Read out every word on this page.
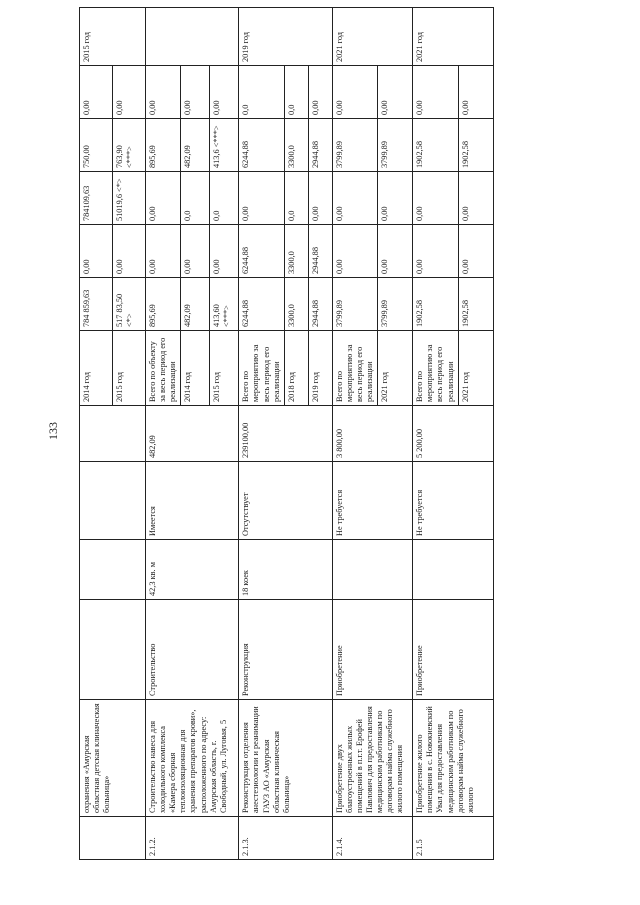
133
	охранения «Амурская областная детская клиначеская больница»					2014 год	784 859,63	0,00	784109,63	750,00	0,00	2015 год
						2015 год	517 83,50 <*>	0,00	51019,6 <*>	763,90 <***>	0,00	
2.1.2.	Строительство навеса для холодильного комплекса «Камера сборная теплоизоляционная для хранения препаратов крови», расположенного по адресу: Амурская область, г. Свободный, ул. Луговая, 5	Строительство	42,3 кв. м	Имеется	482,09	Всего по объекту за весь период его реализации	895,69	0,00	0,00	895,69	0,00	
						2014 год	482,09	0,00	0,0	482,09	0,00	
						2015 год	413,60 <***>	0,00	0,0	413,6 <***>	0,00	
2.1.3.	Реконструкция отделения анестезиологии и реанимации ГАУЗ АО «Амурская областная клиническая больница»	Реконструкция	18 коек	Отсутствует	239100,00	Всего по мероприятию за весь период его реализации	6244,88	6244,88	0,00	6244,88	0,0	2019 год
						2018 год	3300,0	3300,0	0,0	3300,0	0,0	
						2019 год	2944,88	2944,88	0,00	2944,88	0,00	
2.1.4.	Приобретение двух благоустроенных жилых помещений в п.г.т. Ерофей Павлович для предоставления медицинским работникам по договорам найма служебного жилого помещения	Приобретение		Не требуется	3 800,00	Всего по мероприятию за весь период его реализации	3799,89	0,00	0,00	3799,89	0,00	2021 год
						2021 год	3799,89	0,00	0,00	3799,89	0,00	
2.1.5	Приобретение жилого помещения в с. Новокиевский Увал для предоставления медицинским работникам по договорам найма служебного жилого	Приобретение		Не требуется	5 200,00	Всего по мероприятию за весь период его реализации	1902,58	0,00	0,00	1902,58	0,00	2021 год
						2021 год	1902,58	0,00	0,00	1902,58	0,00	
